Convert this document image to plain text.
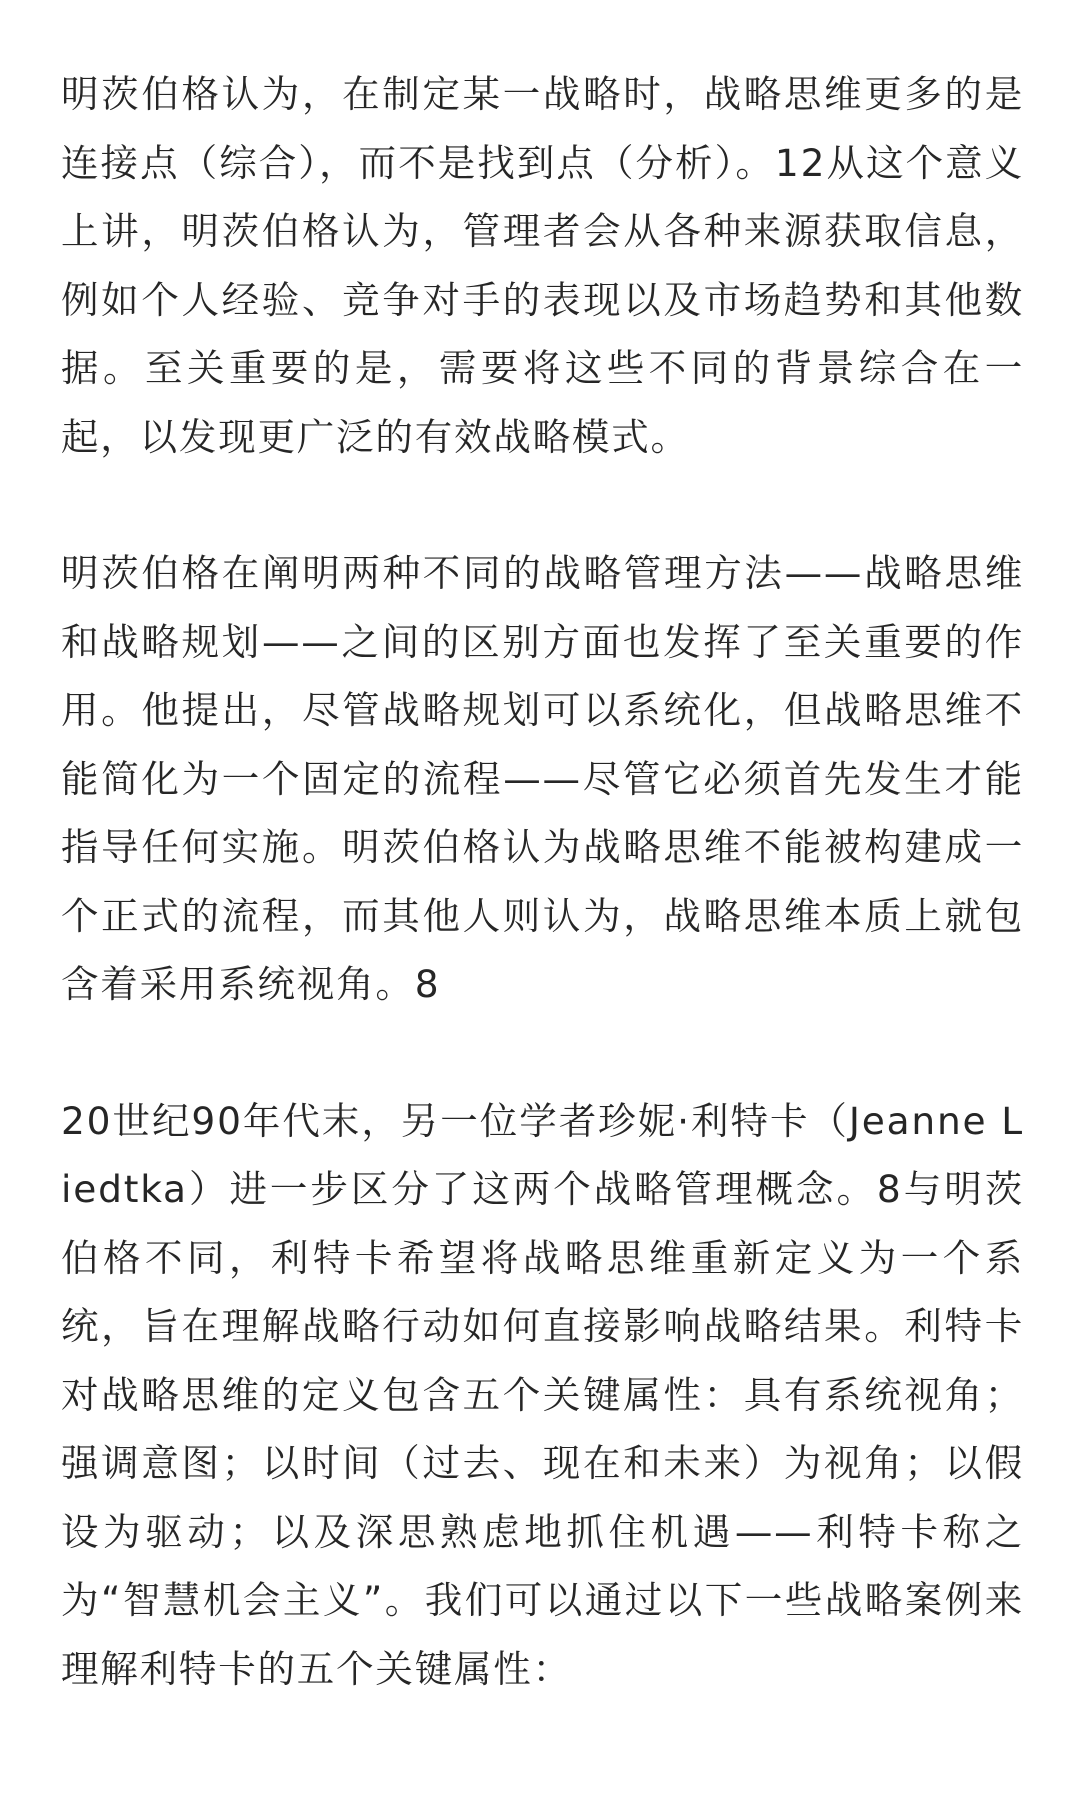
明茨伯格认为，在制定某一战略时，战略思维更多的是连接点（综合），而不是找到点（分析）。12从这个意义上讲，明茨伯格认为，管理者会从各种来源获取信息，例如个人经验、竞争对手的表现以及市场趋势和其他数据。至关重要的是，需要将这些不同的背景综合在一起，以发现更广泛的有效战略模式。

明茨伯格在阐明两种不同的战略管理方法——战略思维和战略规划——之间的区别方面也发挥了至关重要的作用。他提出，尽管战略规划可以系统化，但战略思维不能简化为一个固定的流程——尽管它必须首先发生才能指导任何实施。明茨伯格认为战略思维不能被构建成一个正式的流程，而其他人则认为，战略思维本质上就包含着采用系统视角。8

20世纪90年代末，另一位学者珍妮·利特卡（Jeanne Liedtka）进一步区分了这两个战略管理概念。8与明茨伯格不同，利特卡希望将战略思维重新定义为一个系统，旨在理解战略行动如何直接影响战略结果。利特卡对战略思维的定义包含五个关键属性：具有系统视角；强调意图；以时间（过去、现在和未来）为视角；以假设为驱动；以及深思熟虑地抓住机遇——利特卡称之为“智慧机会主义”。我们可以通过以下一些战略案例来理解利特卡的五个关键属性：
